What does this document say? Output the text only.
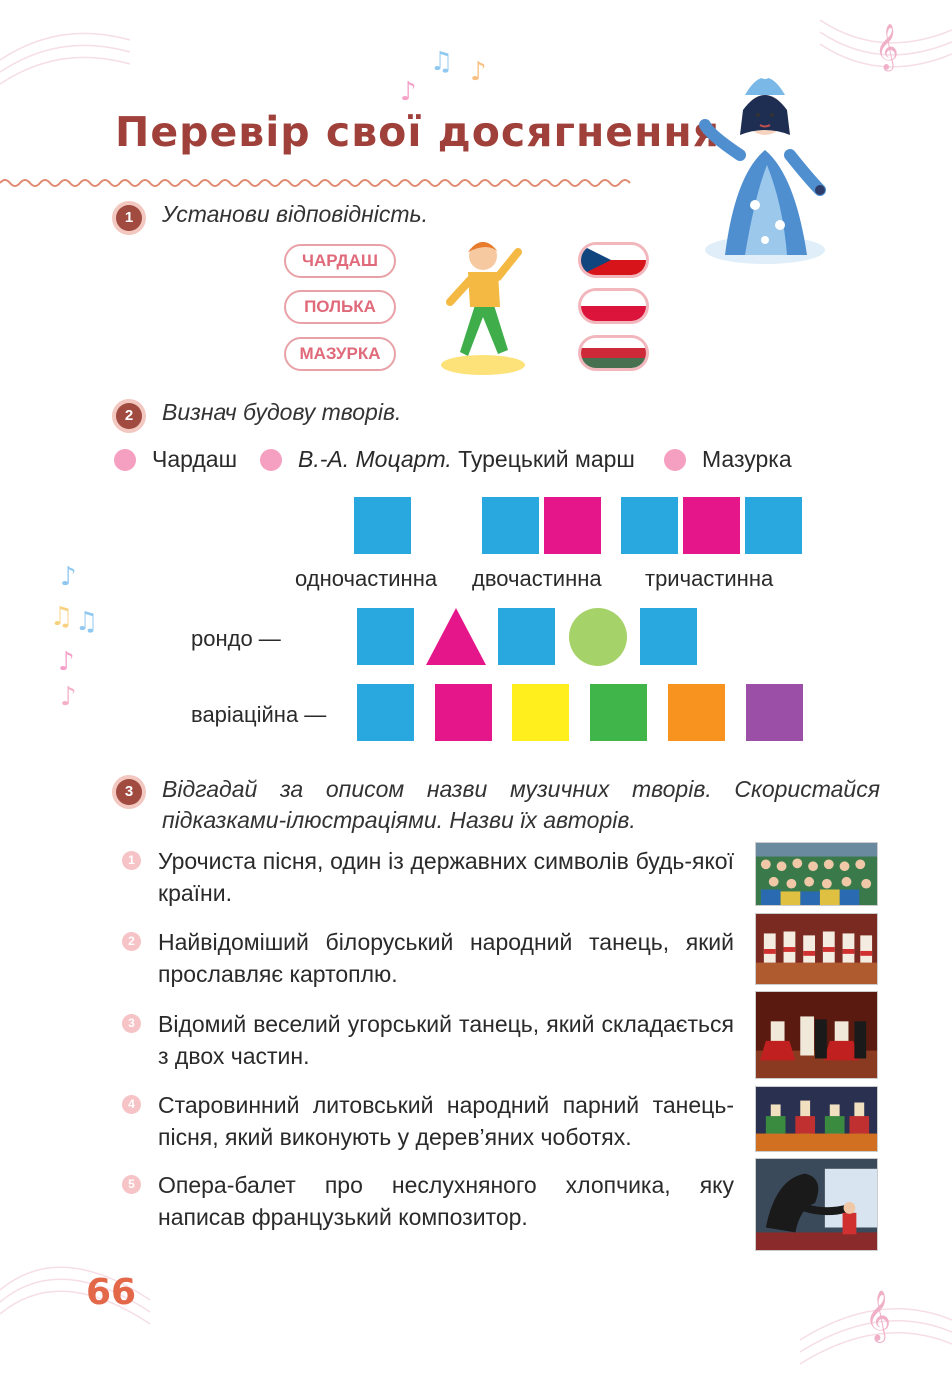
♪
♫ ♪
♪
♫ ♫
♪
♪
𝄞
𝄞
Перевір свої досягнення
1	Установи відповідність.
ЧАРДАШ
ПОЛЬКА
МАЗУРКА
2	Визнач будову творів.
Чардаш	В.-А. Моцарт. Турецький марш	Мазурка
одночастинна двочастинна тричастинна
рондо —
варіаційна —
3	Відгадай за описом назви музичних творів. Скористайся підказками-ілюстраціями. Назви їх авторів.
1 Урочиста пісня, один із державних символів будь-якої країни.
2 Найвідоміший білоруський народний танець, який прославляє картоплю.
3 Відомий веселий угорський танець, який складається з двох частин.
4 Старовинний литовський народний парний танець-пісня, який виконують у дерев’яних чоботях.
5 Опера-балет про неслухняного хлопчика, яку написав французький композитор.
66
